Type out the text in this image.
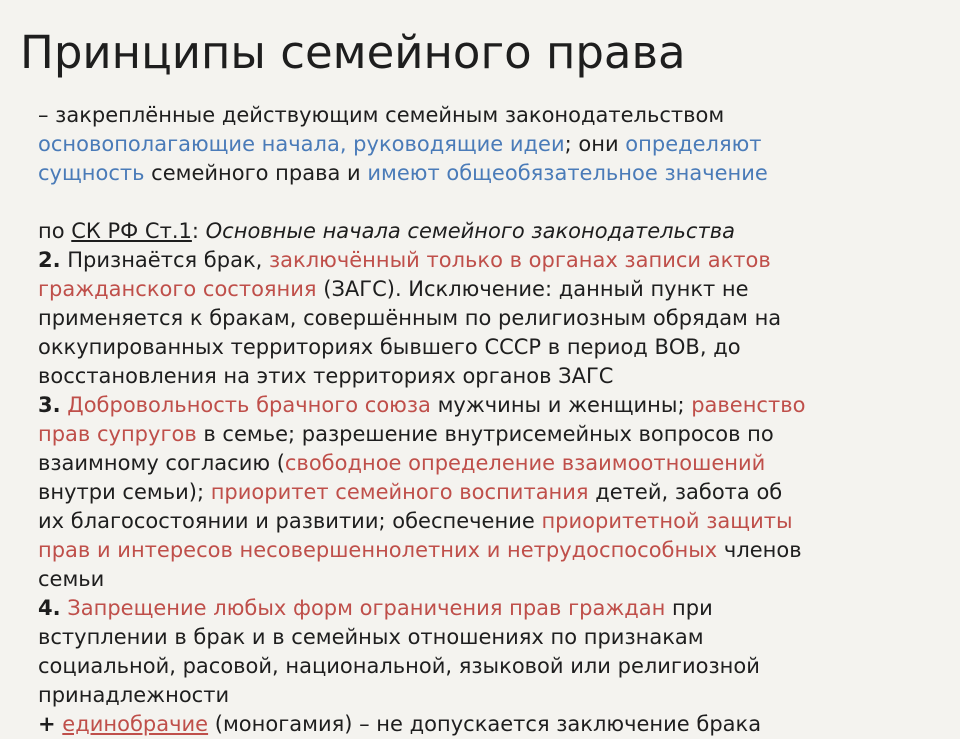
Принципы семейного права

– закреплённые действующим семейным законодательством

основополагающие начала, руководящие идеи; они определяют

сущность семейного права и имеют общеобязательное значение

по СК РФ Ст.1: Основные начала семейного законодательства

2. Признаётся брак, заключённый только в органах записи актов

гражданского состояния (ЗАГС). Исключение: данный пункт не

применяется к бракам, совершённым по религиозным обрядам на

оккупированных территориях бывшего СССР в период ВОВ, до

восстановления на этих территориях органов ЗАГС

3. Добровольность брачного союза мужчины и женщины; равенство

прав супругов в семье; разрешение внутрисемейных вопросов по

взаимному согласию (свободное определение взаимоотношений

внутри семьи); приоритет семейного воспитания детей, забота об

их благосостоянии и развитии; обеспечение приоритетной защиты

прав и интересов несовершеннолетних и нетрудоспособных членов

семьи

4. Запрещение любых форм ограничения прав граждан при

вступлении в брак и в семейных отношениях по признакам

социальной, расовой, национальной, языковой или религиозной

принадлежности

+ единобрачие (моногамия) – не допускается заключение брака
